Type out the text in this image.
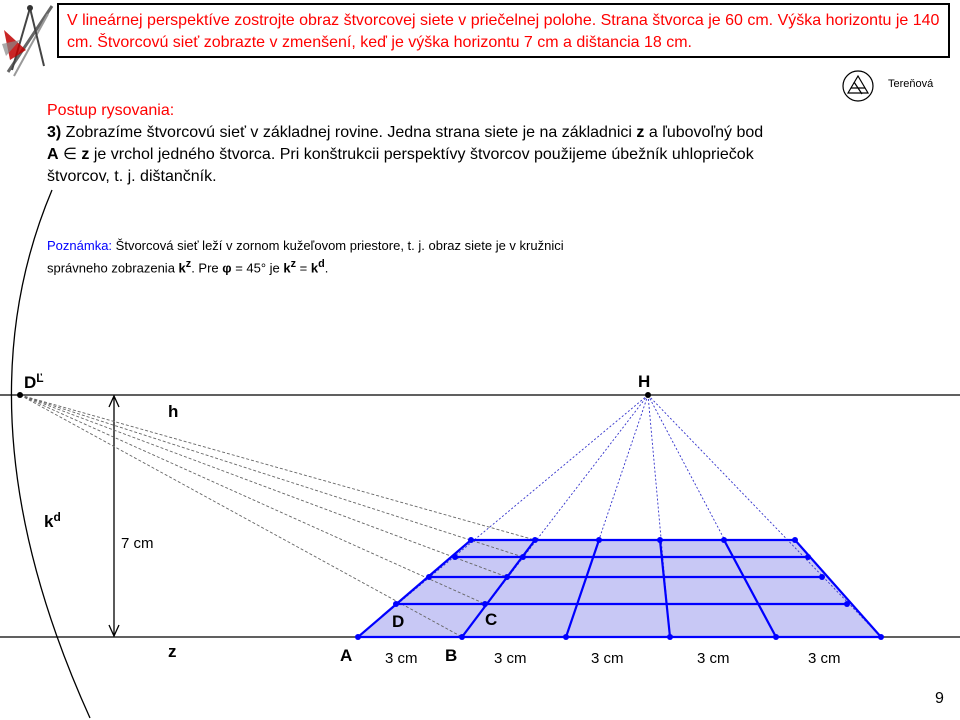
V lineárnej perspektíve zostrojte obraz štvorcovej siete v priečelnej polohe. Strana štvorca je 60 cm. Výška horizontu je 140 cm. Štvorcovú sieť zobrazte v zmenšení, keď je výška horizontu 7 cm a dištancia 18 cm.
Tereňová
Postup rysovania:
3) Zobrazíme štvorcovú sieť v základnej rovine. Jedna strana siete je na základnici z a ľubovoľný bod A ∈ z je vrchol jedného štvorca. Pri konštrukcii perspektívy štvorcov použijeme úbežník uhlopriečok štvorcov, t. j. dištančník.
Poznámka: Štvorcová sieť leží v zornom kužeľovom priestore, t. j. obraz siete je v kružnici správneho zobrazenia $k^z$. Pre φ = 45° je $k^z = k^d$.
$D^Ľ$	H
h
$k^d$
7 cm
z	A	B
C
D
3 cm	3 cm	3 cm	3 cm	3 cm
9
